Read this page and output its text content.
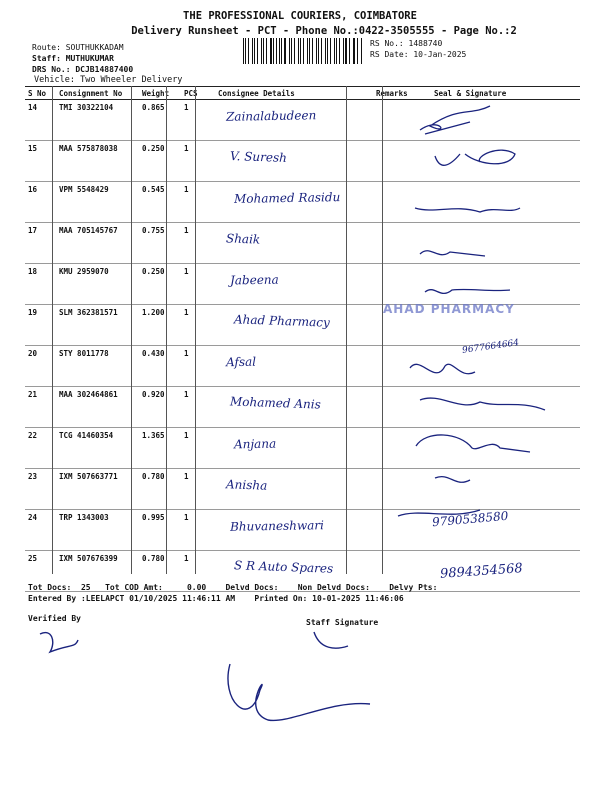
THE PROFESSIONAL COURIERS, COIMBATORE
Delivery Runsheet - PCT - Phone No.:0422-3505555 - Page No.:2
Route: SOUTHUKKADAM
Staff: MUTHUKUMAR
DRS No.: DCJB14887400
RS No.: 1488740
RS Date: 10-Jan-2025
Vehicle: Two Wheeler Delivery
S No	Consignment No	Weight	PCS	Consignee Details	Remarks	Seal & Signature
14	TMI 30322104	0.865	1	Zainalabudeen		
15	MAA 575878038	0.250	1	V. Suresh		
16	VPM 5548429	0.545	1	Mohamed Rasidu		
17	MAA 705145767	0.755	1	Shaik		
18	KMU 2959070	0.250	1	Jabeena		
19	SLM 362381571	1.200	1	Ahad Pharmacy		
20	STY 8011778	0.430	1	Afsal		
21	MAA 302464861	0.920	1	Mohamed Anis		
22	TCG 41460354	1.365	1	Anjana		
23	IXM 507663771	0.780	1	Anisha		
24	TRP 1343003	0.995	1	Bhuvaneshwari		
25	IXM 507676399	0.780	1	S R Auto Spares		
AHAD PHARMACY
9677664664
9790538580
9894354568
Tot Docs:  25   Tot COD Amt:     0.00    Delvd Docs:    Non Delvd Docs:    Delvy Pts:
Entered By :LEELAPCT 01/10/2025 11:46:11 AM    Printed On: 10-01-2025 11:46:06
Verified By	Staff Signature
